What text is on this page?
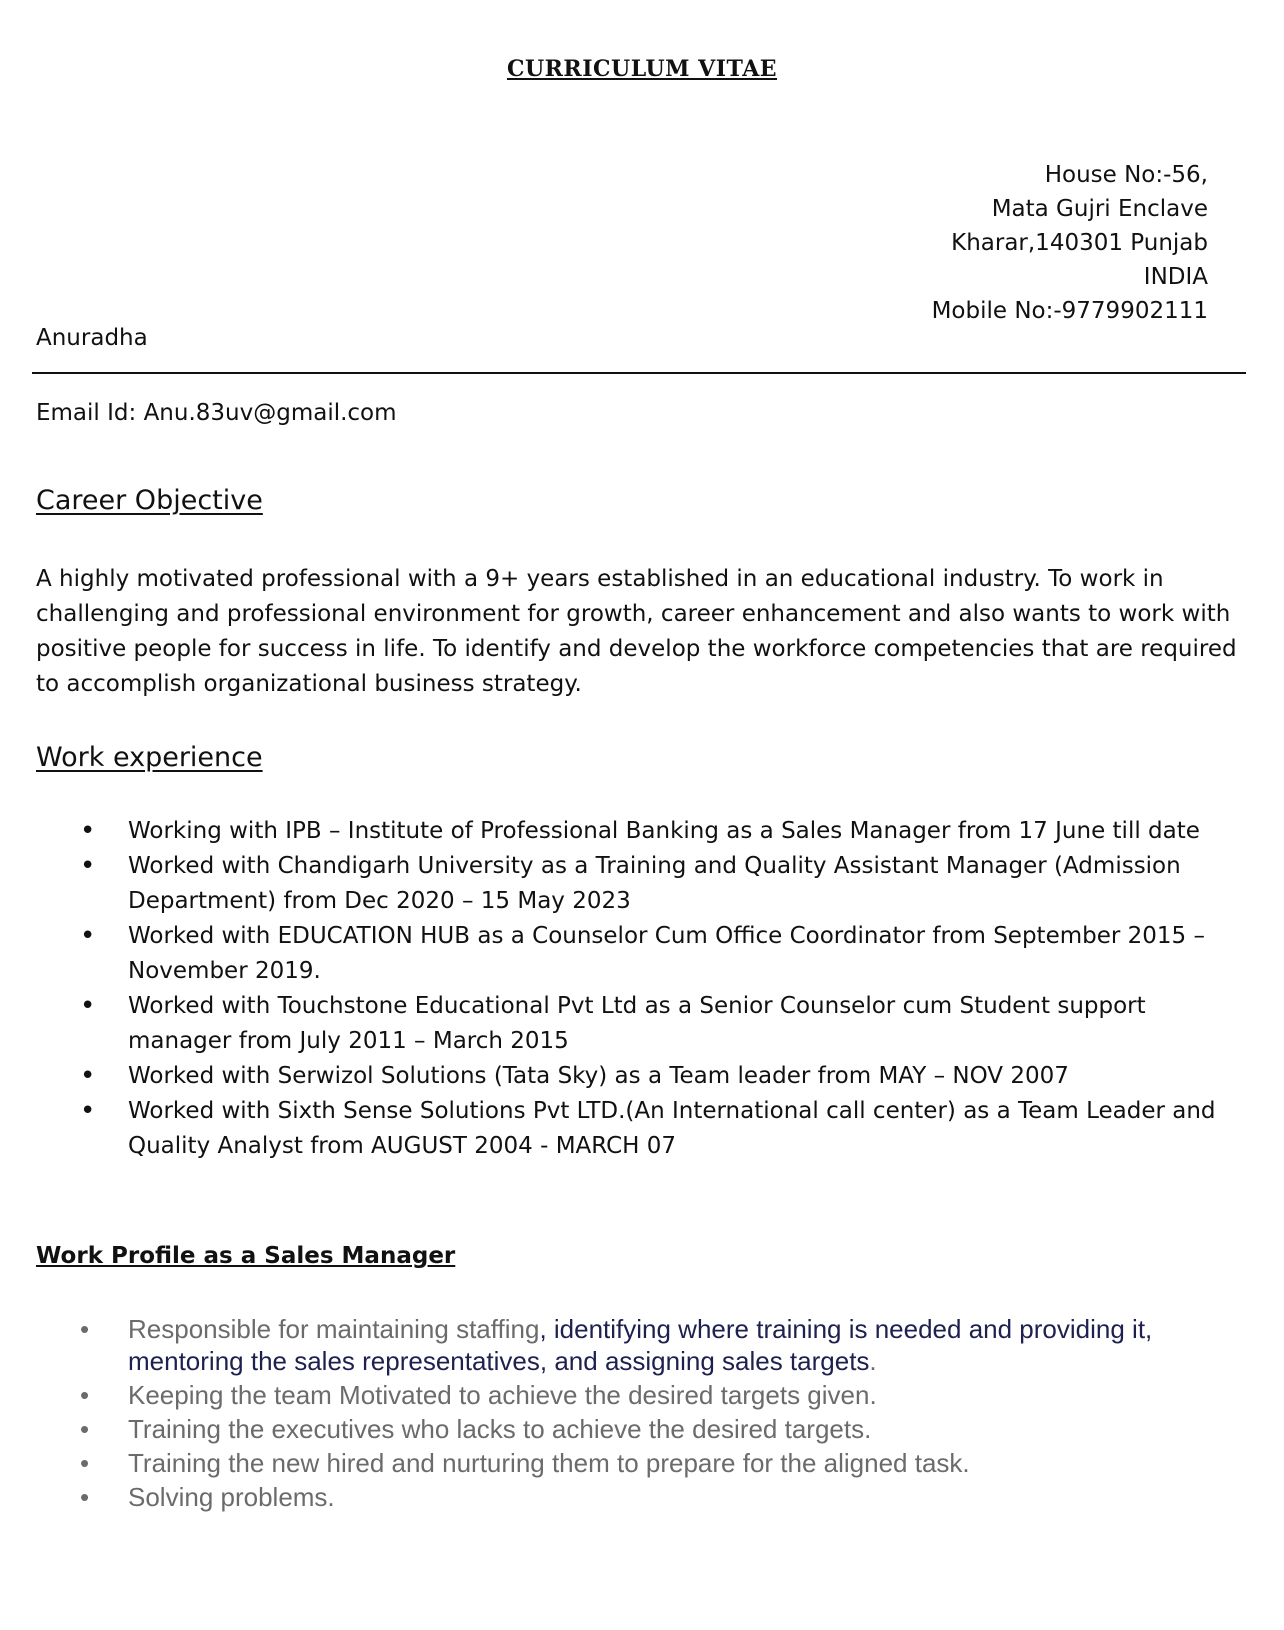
CURRICULUM VITAE
House No:-56,
Mata Gujri Enclave
Kharar,140301 Punjab
INDIA
Mobile No:-9779902111
Anuradha
Email Id: Anu.83uv@gmail.com
Career Objective
A highly motivated professional with a 9+ years established in an educational industry. To work in challenging and professional environment for growth, career enhancement and also wants to work with positive people for success in life. To identify and develop the workforce competencies that are required to accomplish organizational business strategy.
Work experience
• Working with IPB – Institute of Professional Banking as a Sales Manager from 17 June till date
• Worked with Chandigarh University as a Training and Quality Assistant Manager (Admission Department) from Dec 2020 – 15 May 2023
• Worked with EDUCATION HUB as a Counselor Cum Office Coordinator from September 2015 – November 2019.
• Worked with Touchstone Educational Pvt Ltd as a Senior Counselor cum Student support manager from July 2011 – March 2015
• Worked with Serwizol Solutions (Tata Sky) as a Team leader from MAY – NOV 2007
• Worked with Sixth Sense Solutions Pvt LTD.(An International call center) as a Team Leader and Quality Analyst from AUGUST 2004 - MARCH 07
Work Profile as a Sales Manager
• Responsible for maintaining staffing, identifying where training is needed and providing it, mentoring the sales representatives, and assigning sales targets.
• Keeping the team Motivated to achieve the desired targets given.
• Training the executives who lacks to achieve the desired targets.
• Training the new hired and nurturing them to prepare for the aligned task.
• Solving problems.
